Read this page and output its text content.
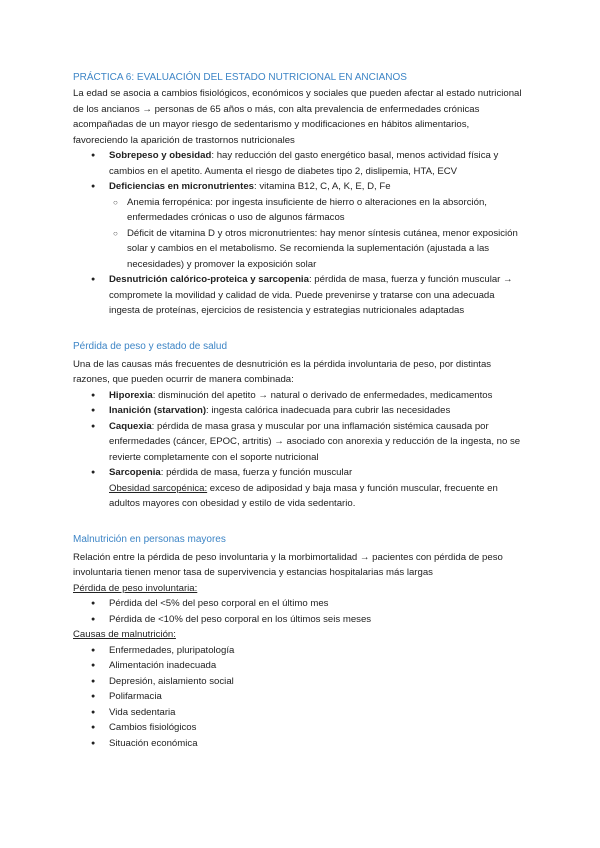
PRÁCTICA 6: EVALUACIÓN DEL ESTADO NUTRICIONAL EN ANCIANOS

La edad se asocia a cambios fisiológicos, económicos y sociales que pueden afectar al estado nutricional de los ancianos → personas de 65 años o más, con alta prevalencia de enfermedades crónicas acompañadas de un mayor riesgo de sedentarismo y modificaciones en hábitos alimentarios, favoreciendo la aparición de trastornos nutricionales

● Sobrepeso y obesidad: hay reducción del gasto energético basal, menos actividad física y cambios en el apetito. Aumenta el riesgo de diabetes tipo 2, dislipemia, HTA, ECV
● Deficiencias en micronutrientes: vitamina B12, C, A, K, E, D, Fe
○ Anemia ferropénica: por ingesta insuficiente de hierro o alteraciones en la absorción, enfermedades crónicas o uso de algunos fármacos
○ Déficit de vitamina D y otros micronutrientes: hay menor síntesis cutánea, menor exposición solar y cambios en el metabolismo. Se recomienda la suplementación (ajustada a las necesidades) y promover la exposición solar
● Desnutrición calórico-proteica y sarcopenia: pérdida de masa, fuerza y función muscular → compromete la movilidad y calidad de vida. Puede prevenirse y tratarse con una adecuada ingesta de proteínas, ejercicios de resistencia y estrategias nutricionales adaptadas

Pérdida de peso y estado de salud

Una de las causas más frecuentes de desnutrición es la pérdida involuntaria de peso, por distintas razones, que pueden ocurrir de manera combinada:

● Hiporexia: disminución del apetito → natural o derivado de enfermedades, medicamentos
● Inanición (starvation): ingesta calórica inadecuada para cubrir las necesidades
● Caquexia: pérdida de masa grasa y muscular por una inflamación sistémica causada por enfermedades (cáncer, EPOC, artritis) → asociado con anorexia y reducción de la ingesta, no se revierte completamente con el soporte nutricional
● Sarcopenia: pérdida de masa, fuerza y función muscular
Obesidad sarcopénica: exceso de adiposidad y baja masa y función muscular, frecuente en adultos mayores con obesidad y estilo de vida sedentario.

Malnutrición en personas mayores

Relación entre la pérdida de peso involuntaria y la morbimortalidad → pacientes con pérdida de peso involuntaria tienen menor tasa de supervivencia y estancias hospitalarias más largas

Pérdida de peso involuntaria:

● Pérdida del <5% del peso corporal en el último mes
● Pérdida de <10% del peso corporal en los últimos seis meses

Causas de malnutrición:

● Enfermedades, pluripatología
● Alimentación inadecuada
● Depresión, aislamiento social
● Polifarmacia
● Vida sedentaria
● Cambios fisiológicos
● Situación económica
